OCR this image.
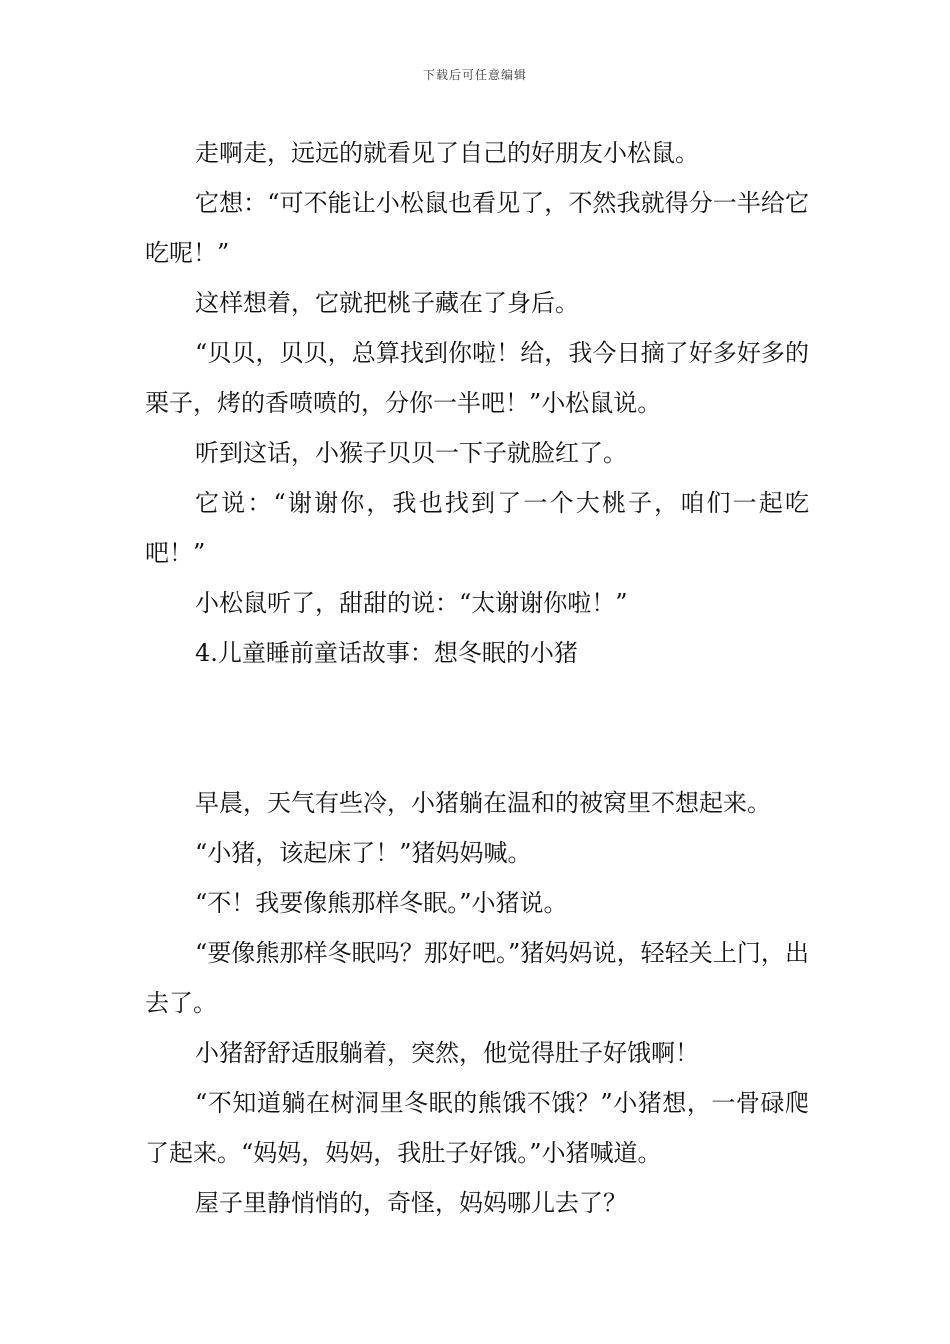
下载后可任意编辑

走啊走，远远的就看见了自己的好朋友小松鼠。

它想：“可不能让小松鼠也看见了，不然我就得分一半给它吃呢！”

这样想着，它就把桃子藏在了身后。

“贝贝，贝贝，总算找到你啦！给，我今日摘了好多好多的栗子，烤的香喷喷的，分你一半吧！”小松鼠说。

听到这话，小猴子贝贝一下子就脸红了。

它说：“谢谢你，我也找到了一个大桃子，咱们一起吃吧！”

小松鼠听了，甜甜的说：“太谢谢你啦！”

4.儿童睡前童话故事：想冬眠的小猪

早晨，天气有些冷，小猪躺在温和的被窝里不想起来。

“小猪，该起床了！”猪妈妈喊。

“不！我要像熊那样冬眠。”小猪说。

“要像熊那样冬眠吗？那好吧。”猪妈妈说，轻轻关上门，出去了。

小猪舒舒适服躺着，突然，他觉得肚子好饿啊！

“不知道躺在树洞里冬眠的熊饿不饿？”小猪想，一骨碌爬了起来。“妈妈，妈妈，我肚子好饿。”小猪喊道。

屋子里静悄悄的，奇怪，妈妈哪儿去了？
